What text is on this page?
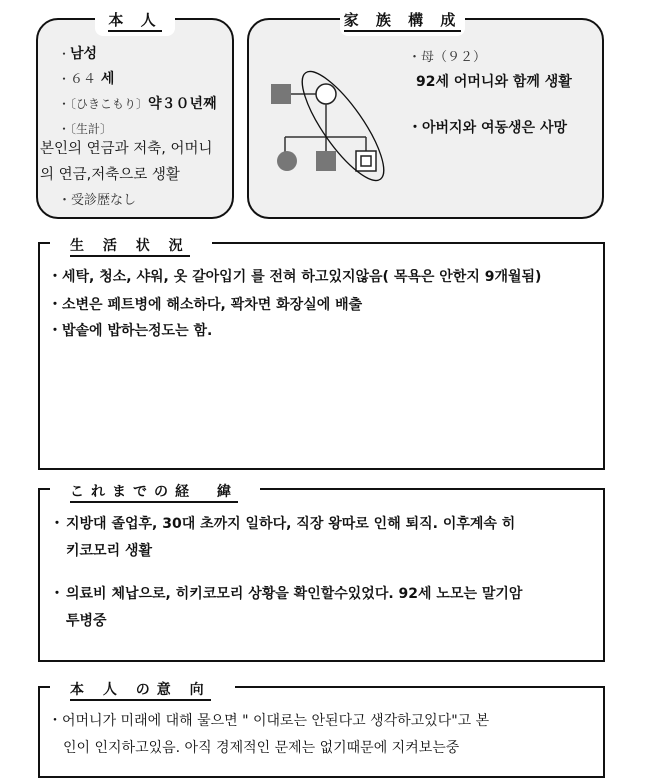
本 人
・남성
・６４ 세
・〔ひきこもり〕약３０년째
・〔生計〕
본인의 연금과 저축, 어머니
의 연금,저축으로 생활
・受診歴なし
家 族 構 成
・母（９２）
92세 어머니와 함께 생활
・아버지와 여동생은 사망
生 活 状 況
・세탁, 청소, 샤워, 옷 갈아입기 를 전혀 하고있지않음( 목욕은 안한지 9개월됨)
・소변은 페트병에 해소하다, 꽉차면 화장실에 배출
・밥솥에 밥하는정도는 함.
これまでの経　緯
・ 지방대 졸업후, 30대 초까지 일하다, 직장 왕따로 인해 퇴직. 이후계속 히
키코모리 생활
・ 의료비 체납으로, 히키코모리 상황을 확인할수있었다. 92세 노모는 말기암
투병중
本 人 の意 向
・어머니가 미래에 대해 물으면 " 이대로는 안된다고 생각하고있다"고 본
인이 인지하고있음. 아직 경제적인 문제는 없기때문에 지켜보는중
